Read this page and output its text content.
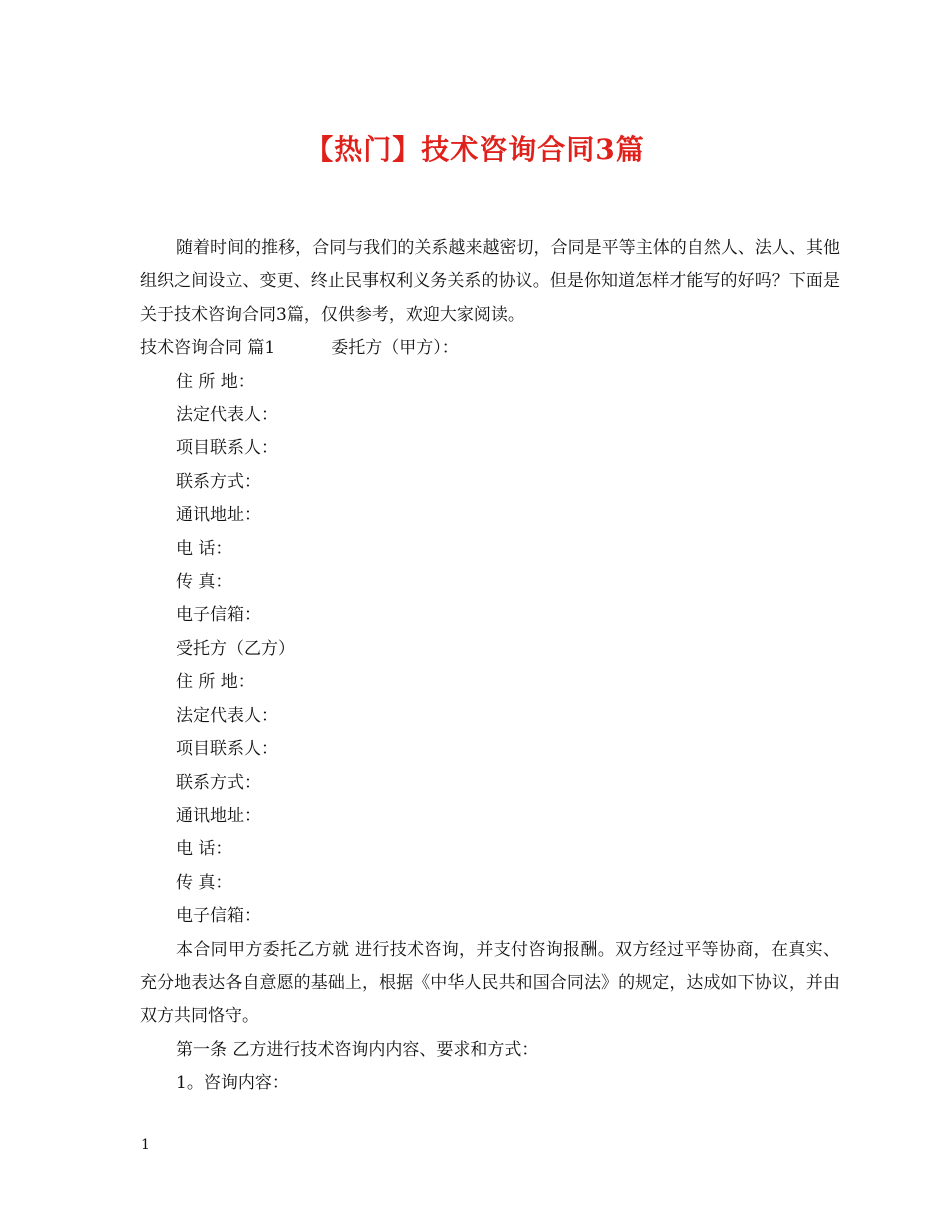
【热门】技术咨询合同3篇

随着时间的推移，合同与我们的关系越来越密切，合同是平等主体的自然人、法人、其他组织之间设立、变更、终止民事权利义务关系的协议。但是你知道怎样才能写的好吗？下面是关于技术咨询合同3篇，仅供参考，欢迎大家阅读。

技术咨询合同 篇1	委托方（甲方）：

住 所 地：

法定代表人：

项目联系人：

联系方式：

通讯地址：

电 话：

传 真：

电子信箱：

受托方（乙方）

住 所 地：

法定代表人：

项目联系人：

联系方式：

通讯地址：

电 话：

传 真：

电子信箱：

本合同甲方委托乙方就 进行技术咨询，并支付咨询报酬。双方经过平等协商，在真实、充分地表达各自意愿的基础上，根据《中华人民共和国合同法》的规定，达成如下协议，并由双方共同恪守。

第一条 乙方进行技术咨询内内容、要求和方式：

1。咨询内容：

1
